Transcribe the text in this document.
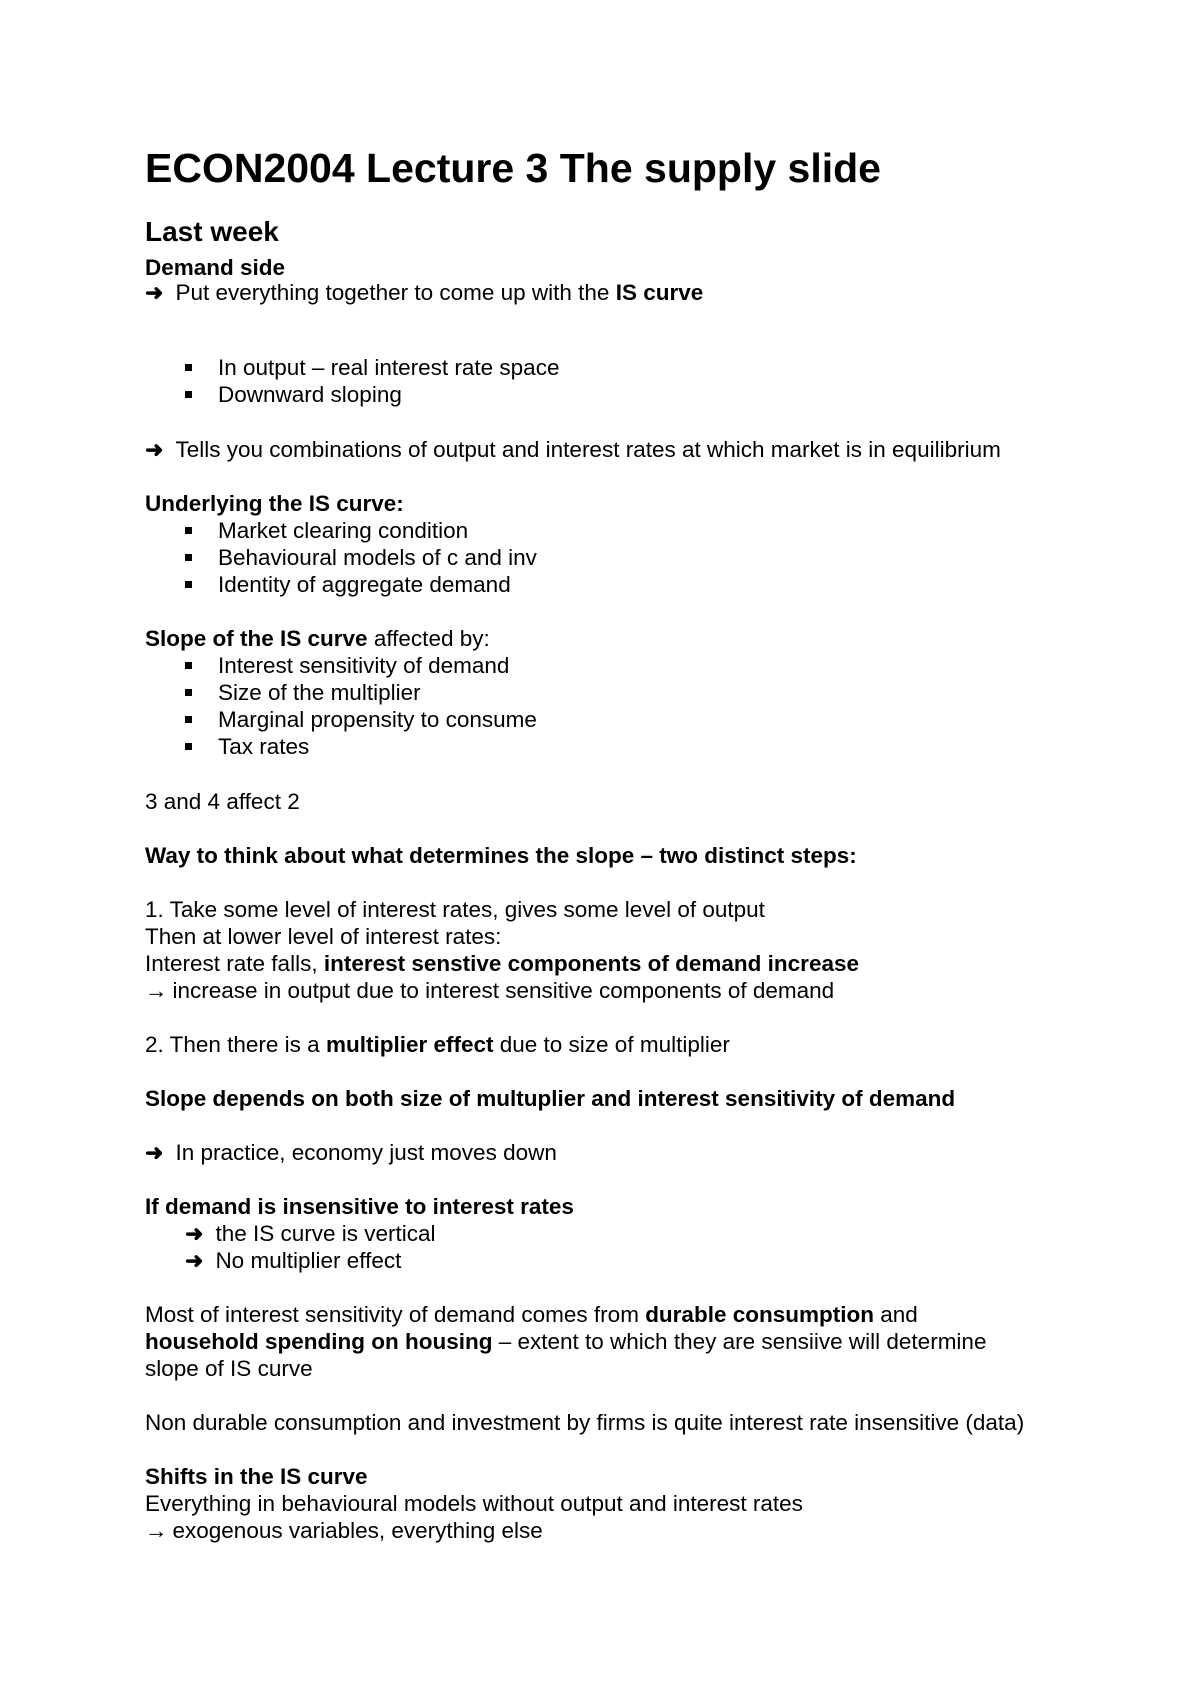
ECON2004 Lecture 3 The supply slide
Last week
Demand side
➜ Put everything together to come up with the IS curve
In output – real interest rate space
Downward sloping
➜ Tells you combinations of output and interest rates at which market is in equilibrium
Underlying the IS curve:
Market clearing condition
Behavioural models of c and inv
Identity of aggregate demand
Slope of the IS curve affected by:
Interest sensitivity of demand
Size of the multiplier
Marginal propensity to consume
Tax rates
3 and 4 affect 2
Way to think about what determines the slope – two distinct steps:
1. Take some level of interest rates, gives some level of output
Then at lower level of interest rates:
Interest rate falls, interest senstive components of demand increase
→ increase in output due to interest sensitive components of demand
2. Then there is a multiplier effect due to size of multiplier
Slope depends on both size of multuplier and interest sensitivity of demand
➜ In practice, economy just moves down
If demand is insensitive to interest rates
➜ the IS curve is vertical
➜ No multiplier effect
Most of interest sensitivity of demand comes from durable consumption and
household spending on housing – extent to which they are sensiive will determine
slope of IS curve
Non durable consumption and investment by firms is quite interest rate insensitive (data)
Shifts in the IS curve
Everything in behavioural models without output and interest rates
→ exogenous variables, everything else
